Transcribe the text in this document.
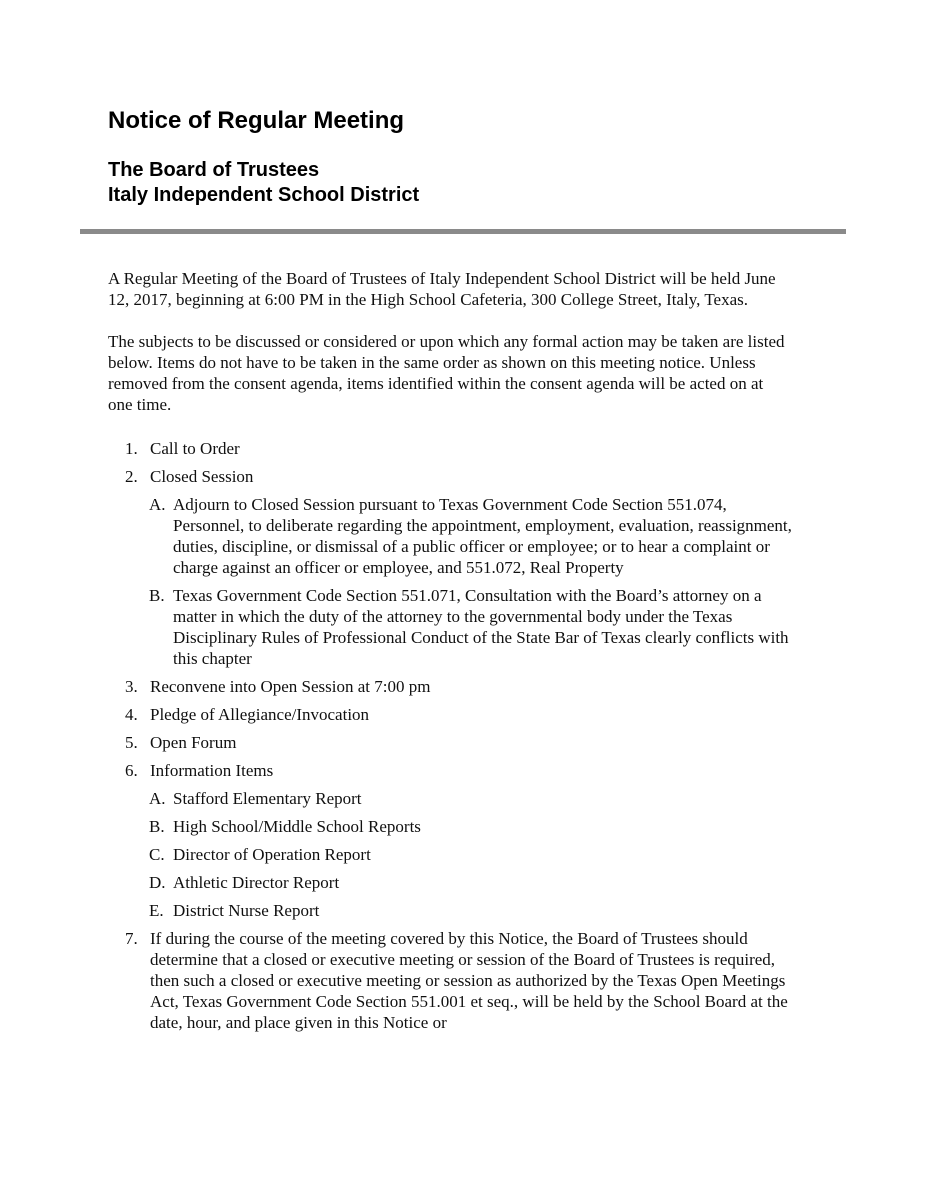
Notice of Regular Meeting
The Board of Trustees
Italy Independent School District

A Regular Meeting of the Board of Trustees of Italy Independent School District will be held June 12, 2017, beginning at 6:00 PM in the High School Cafeteria, 300 College Street, Italy, Texas.

The subjects to be discussed or considered or upon which any formal action may be taken are listed below. Items do not have to be taken in the same order as shown on this meeting notice. Unless removed from the consent agenda, items identified within the consent agenda will be acted on at one time.

1. Call to Order
2. Closed Session
A. Adjourn to Closed Session pursuant to Texas Government Code Section 551.074, Personnel, to deliberate regarding the appointment, employment, evaluation, reassignment, duties, discipline, or dismissal of a public officer or employee; or to hear a complaint or charge against an officer or employee, and 551.072, Real Property
B. Texas Government Code Section 551.071, Consultation with the Board’s attorney on a matter in which the duty of the attorney to the governmental body under the Texas Disciplinary Rules of Professional Conduct of the State Bar of Texas clearly conflicts with this chapter
3. Reconvene into Open Session at 7:00 pm
4. Pledge of Allegiance/Invocation
5. Open Forum
6. Information Items
A. Stafford Elementary Report
B. High School/Middle School Reports
C. Director of Operation Report
D. Athletic Director Report
E. District Nurse Report
7. If during the course of the meeting covered by this Notice, the Board of Trustees should determine that a closed or executive meeting or session of the Board of Trustees is required, then such a closed or executive meeting or session as authorized by the Texas Open Meetings Act, Texas Government Code Section 551.001 et seq., will be held by the School Board at the date, hour, and place given in this Notice or
